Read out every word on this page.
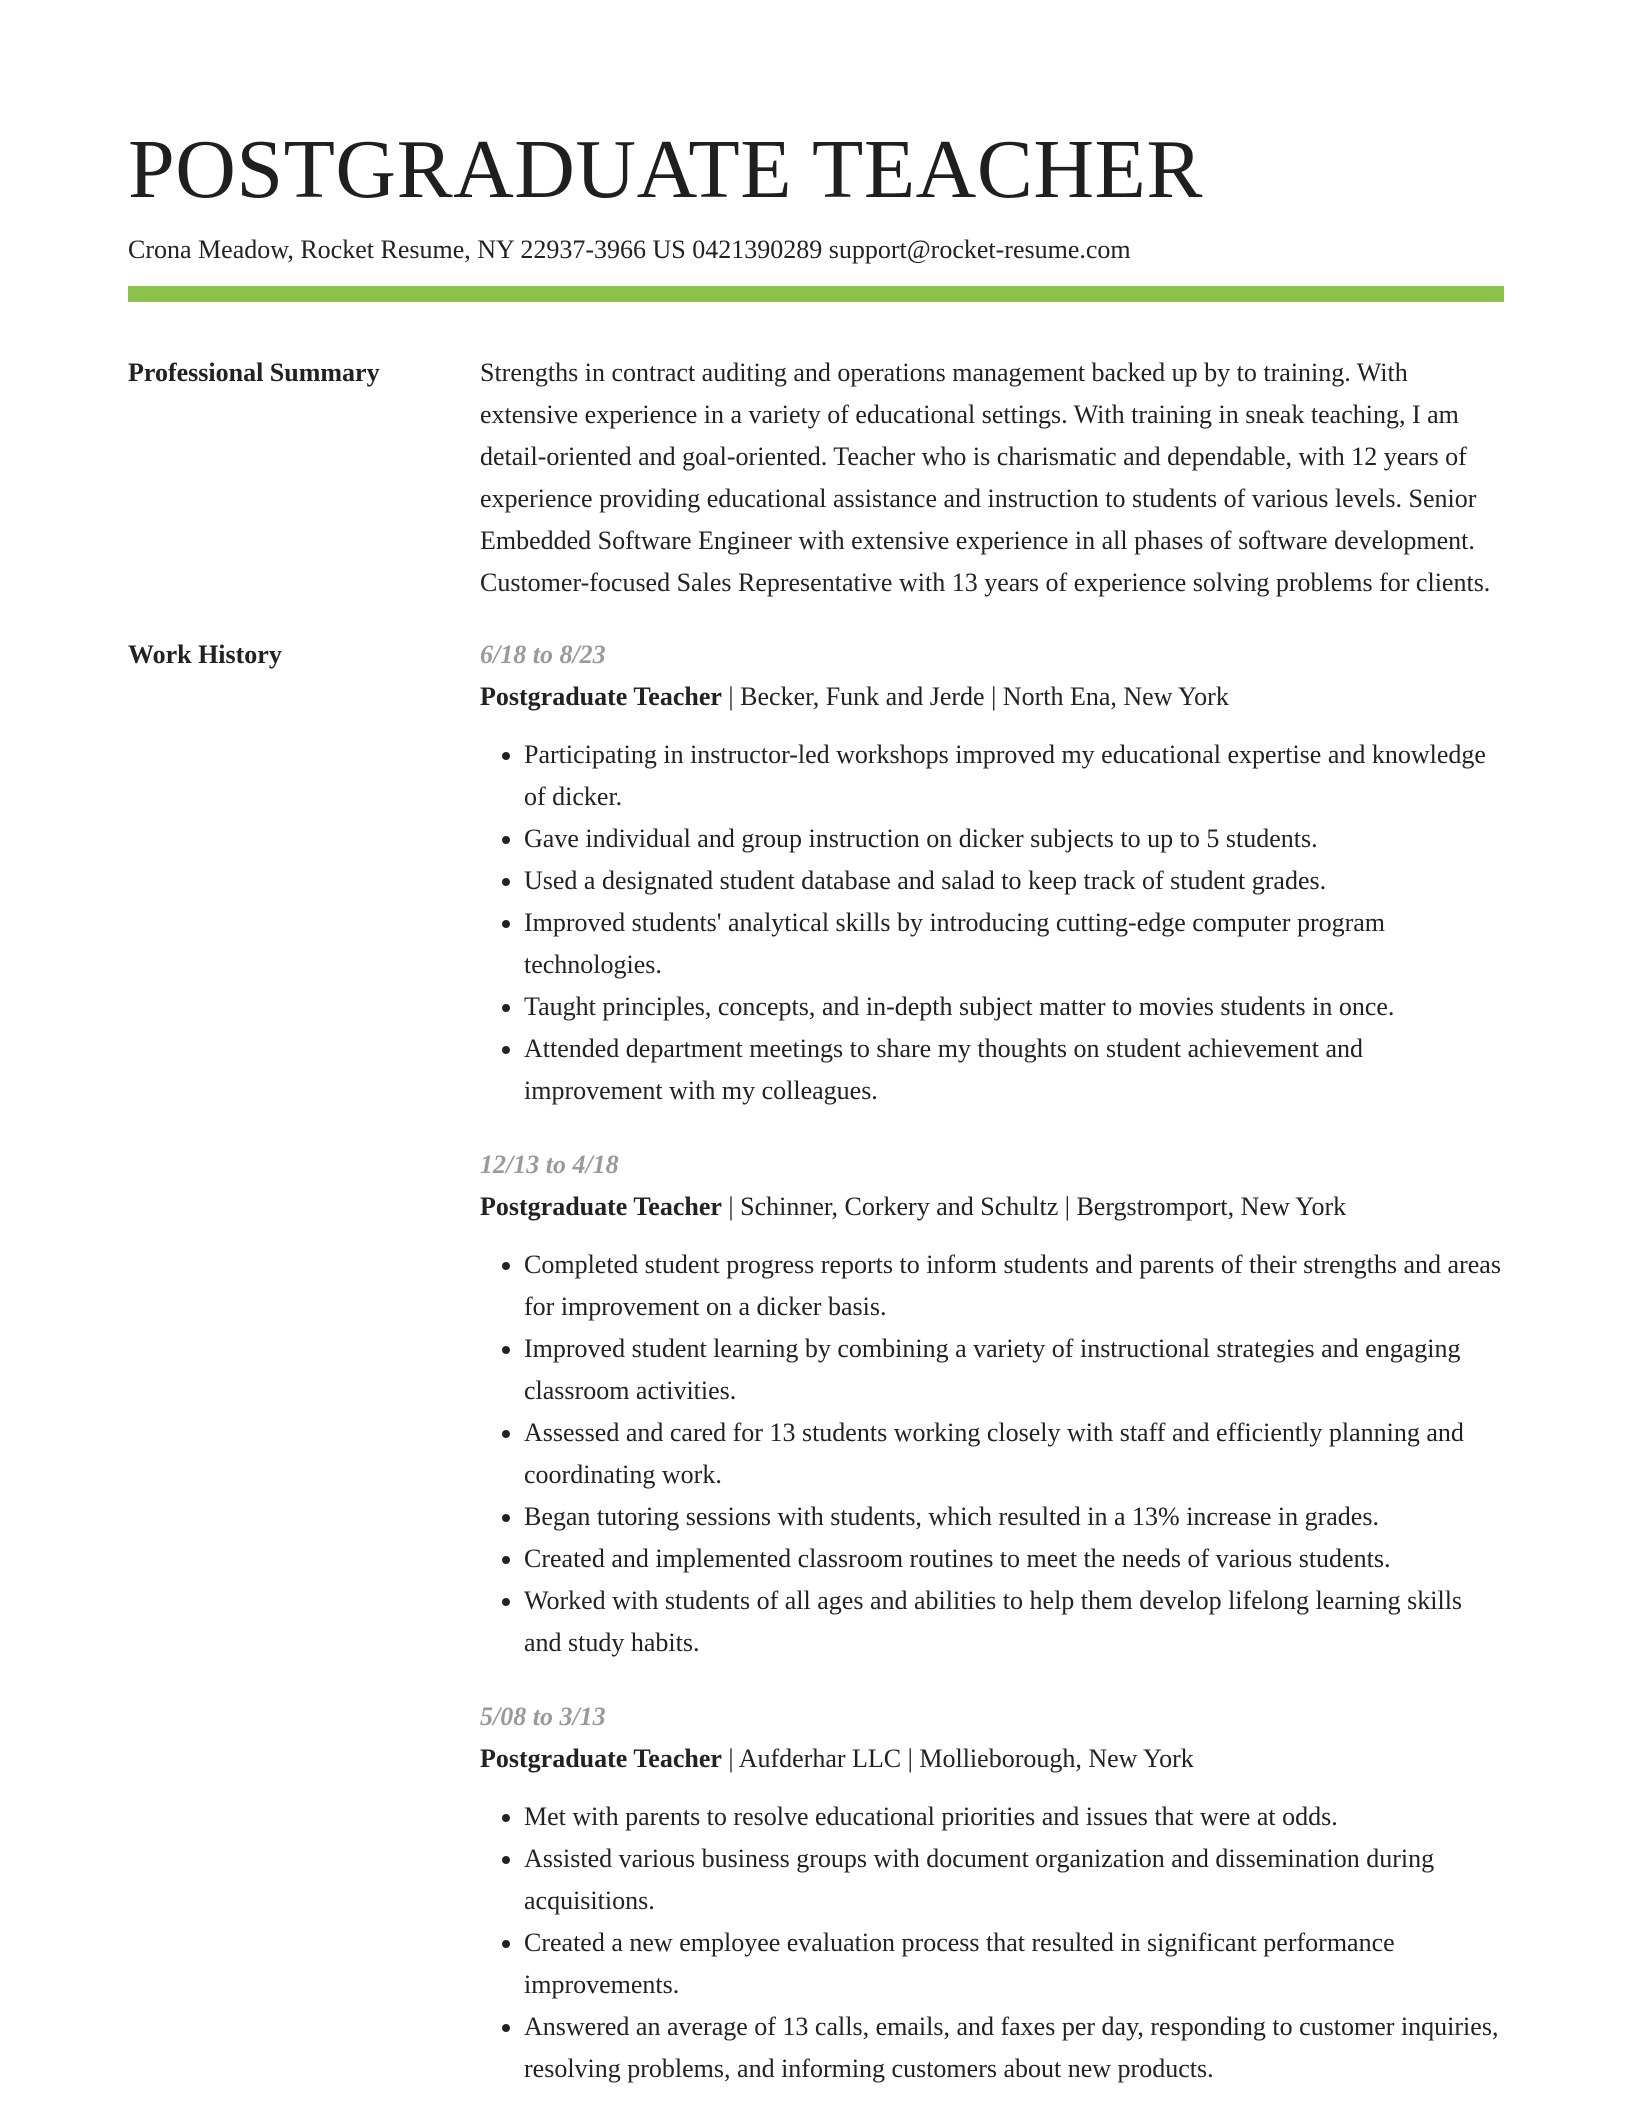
POSTGRADUATE TEACHER
Crona Meadow, Rocket Resume, NY 22937-3966 US 0421390289 support@rocket-resume.com
Professional Summary	Strengths in contract auditing and operations management backed up by to training. With extensive experience in a variety of educational settings. With training in sneak teaching, I am detail-oriented and goal-oriented. Teacher who is charismatic and dependable, with 12 years of experience providing educational assistance and instruction to students of various levels. Senior Embedded Software Engineer with extensive experience in all phases of software development. Customer-focused Sales Representative with 13 years of experience solving problems for clients.

Work History	6/18 to 8/23
Postgraduate Teacher | Becker, Funk and Jerde | North Ena, New York
• Participating in instructor-led workshops improved my educational expertise and knowledge of dicker.
• Gave individual and group instruction on dicker subjects to up to 5 students.
• Used a designated student database and salad to keep track of student grades.
• Improved students' analytical skills by introducing cutting-edge computer program technologies.
• Taught principles, concepts, and in-depth subject matter to movies students in once.
• Attended department meetings to share my thoughts on student achievement and improvement with my colleagues.
12/13 to 4/18
Postgraduate Teacher | Schinner, Corkery and Schultz | Bergstromport, New York
• Completed student progress reports to inform students and parents of their strengths and areas for improvement on a dicker basis.
• Improved student learning by combining a variety of instructional strategies and engaging classroom activities.
• Assessed and cared for 13 students working closely with staff and efficiently planning and coordinating work.
• Began tutoring sessions with students, which resulted in a 13% increase in grades.
• Created and implemented classroom routines to meet the needs of various students.
• Worked with students of all ages and abilities to help them develop lifelong learning skills and study habits.
5/08 to 3/13
Postgraduate Teacher | Aufderhar LLC | Mollieborough, New York
• Met with parents to resolve educational priorities and issues that were at odds.
• Assisted various business groups with document organization and dissemination during acquisitions.
• Created a new employee evaluation process that resulted in significant performance improvements.
• Answered an average of 13 calls, emails, and faxes per day, responding to customer inquiries, resolving problems, and informing customers about new products.
